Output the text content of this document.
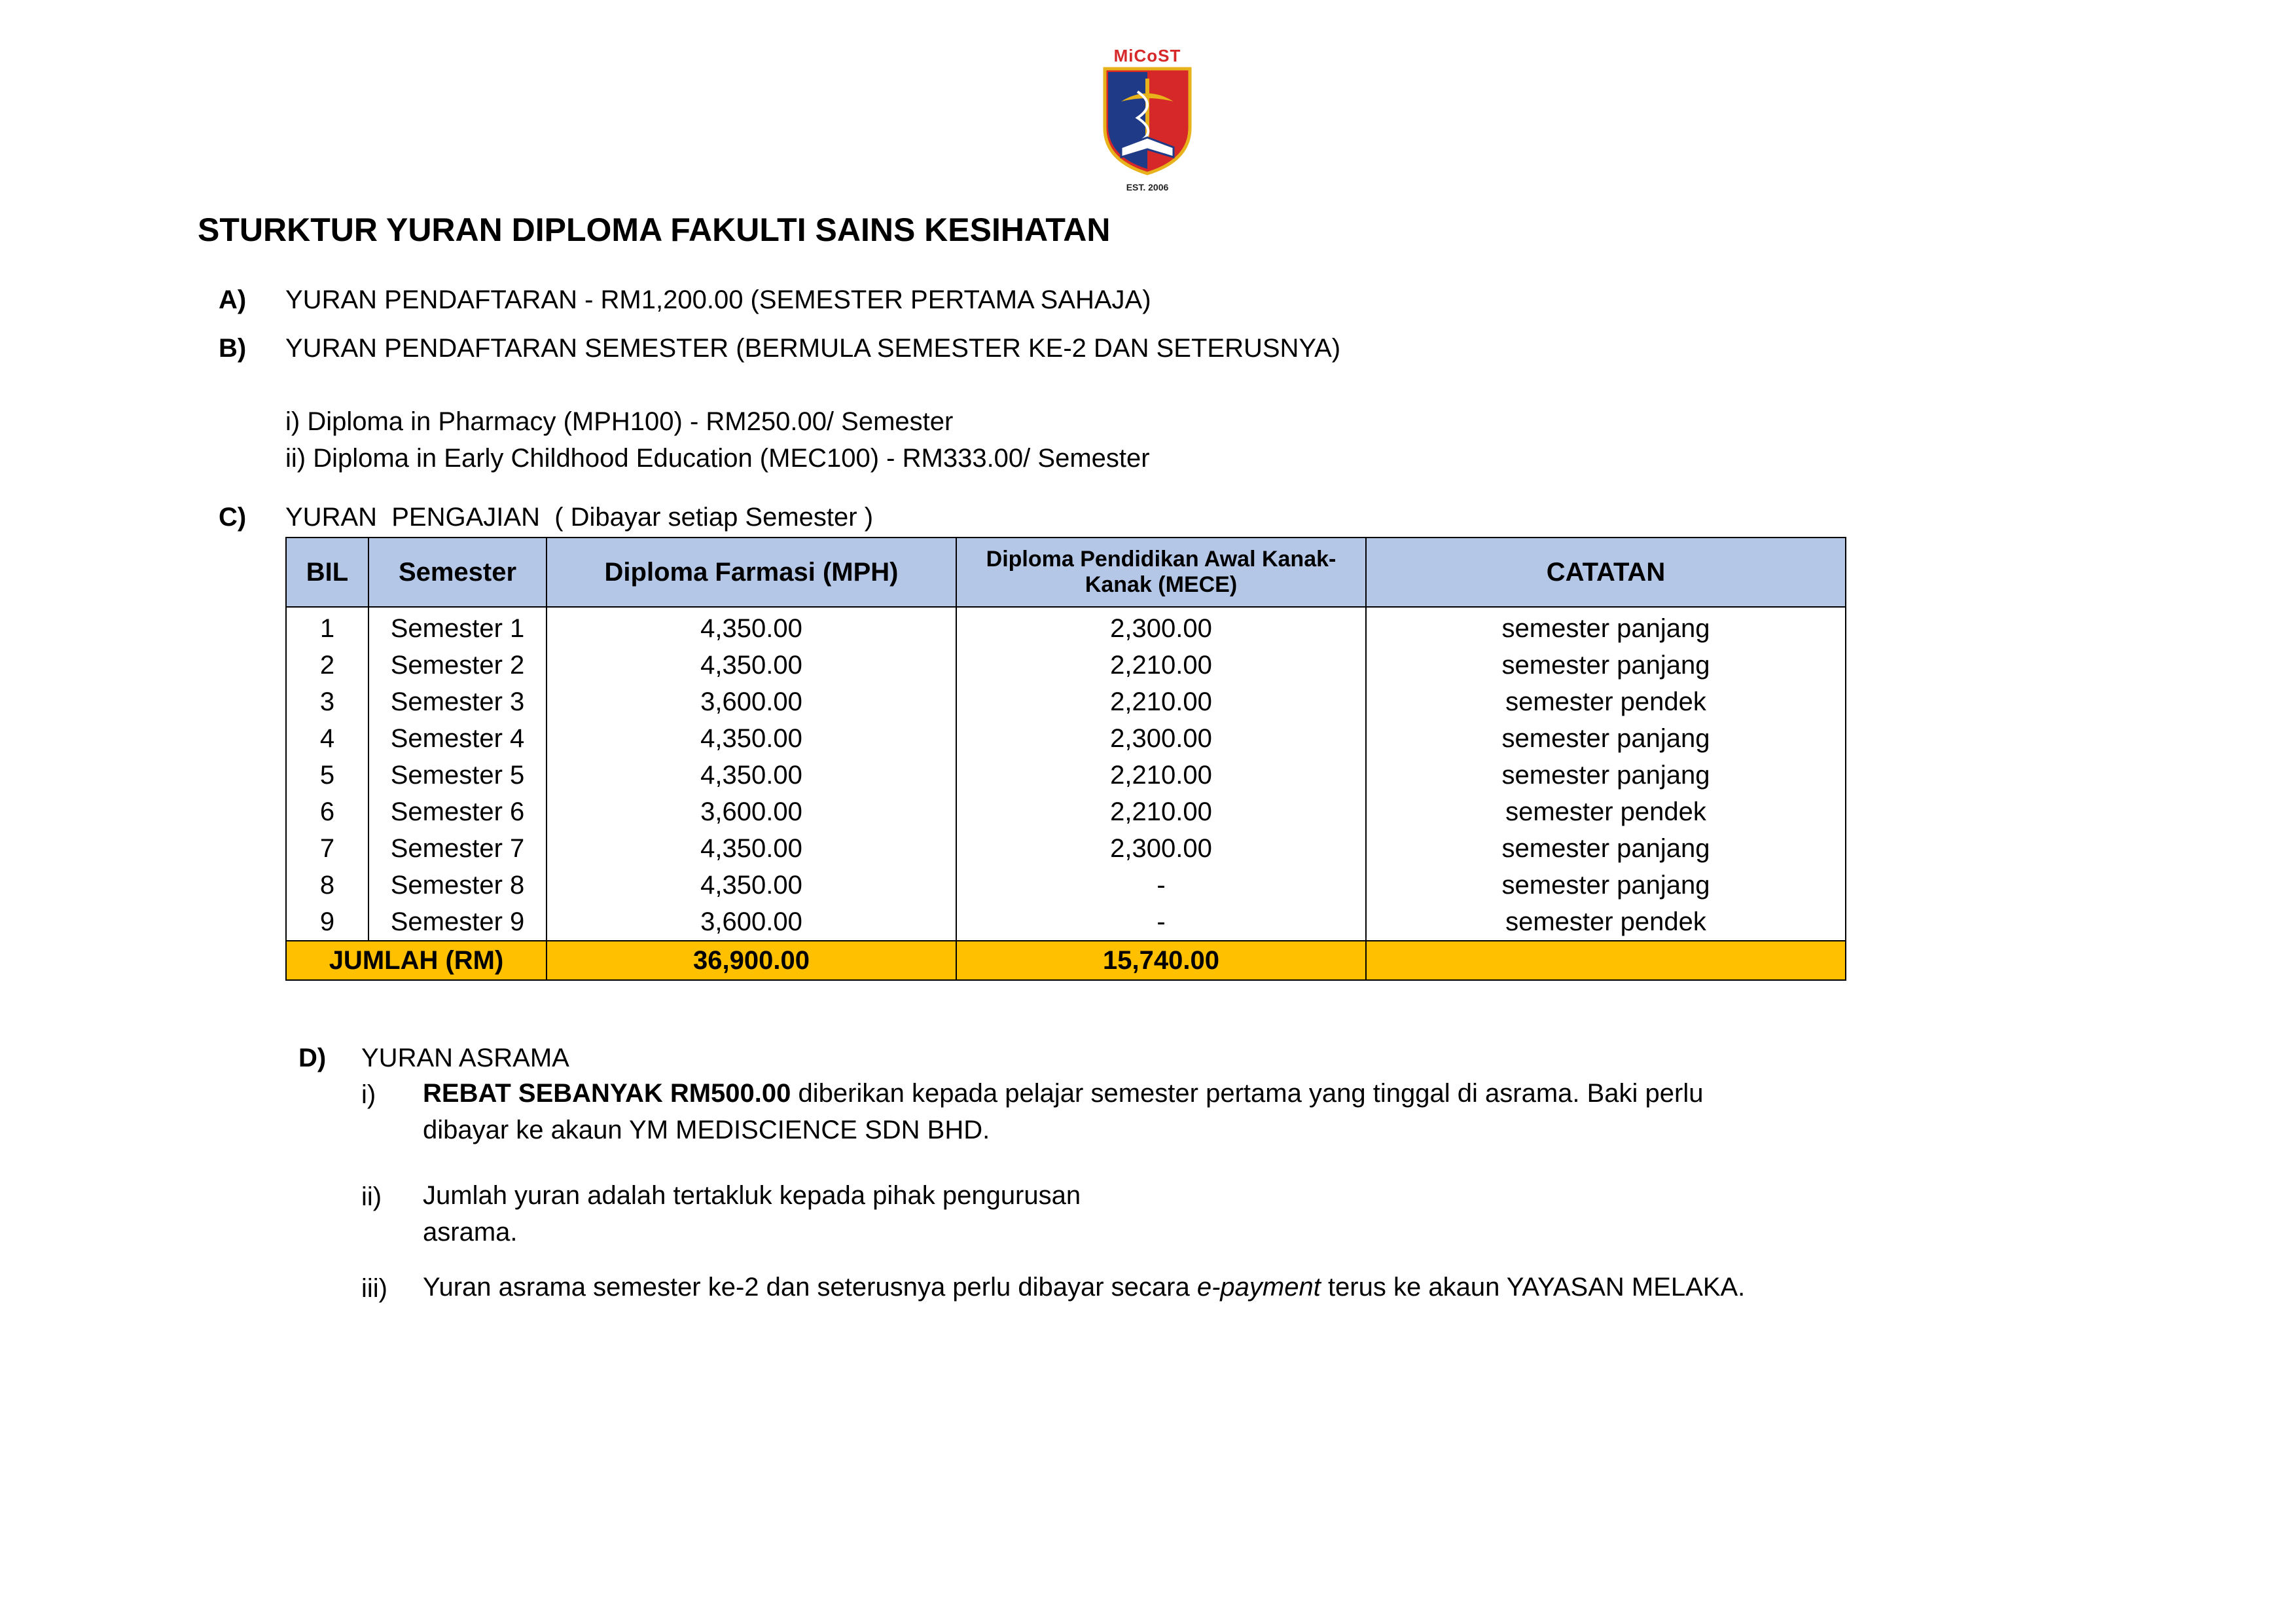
MiCoST
EST. 2006
STURKTUR YURAN DIPLOMA FAKULTI SAINS KESIHATAN
A) YURAN PENDAFTARAN - RM1,200.00 (SEMESTER PERTAMA SAHAJA)
B) YURAN PENDAFTARAN SEMESTER (BERMULA SEMESTER KE-2 DAN SETERUSNYA)
i) Diploma in Pharmacy (MPH100) - RM250.00/ Semester
ii) Diploma in Early Childhood Education (MEC100) - RM333.00/ Semester
C) YURAN  PENGAJIAN  ( Dibayar setiap Semester )
BIL	Semester	Diploma Farmasi (MPH)	Diploma Pendidikan Awal Kanak-Kanak (MECE)	CATATAN
1	Semester 1	4,350.00	2,300.00	semester panjang
2	Semester 2	4,350.00	2,210.00	semester panjang
3	Semester 3	3,600.00	2,210.00	semester pendek
4	Semester 4	4,350.00	2,300.00	semester panjang
5	Semester 5	4,350.00	2,210.00	semester panjang
6	Semester 6	3,600.00	2,210.00	semester pendek
7	Semester 7	4,350.00	2,300.00	semester panjang
8	Semester 8	4,350.00	-	semester panjang
9	Semester 9	3,600.00	-	semester pendek
JUMLAH (RM)		36,900.00	15,740.00	
D) YURAN ASRAMA
i) REBAT SEBANYAK RM500.00 diberikan kepada pelajar semester pertama yang tinggal di asrama. Baki perlu
dibayar ke akaun YM MEDISCIENCE SDN BHD.
ii) Jumlah yuran adalah tertakluk kepada pihak pengurusan
asrama.
iii) Yuran asrama semester ke-2 dan seterusnya perlu dibayar secara e-payment terus ke akaun YAYASAN MELAKA.
